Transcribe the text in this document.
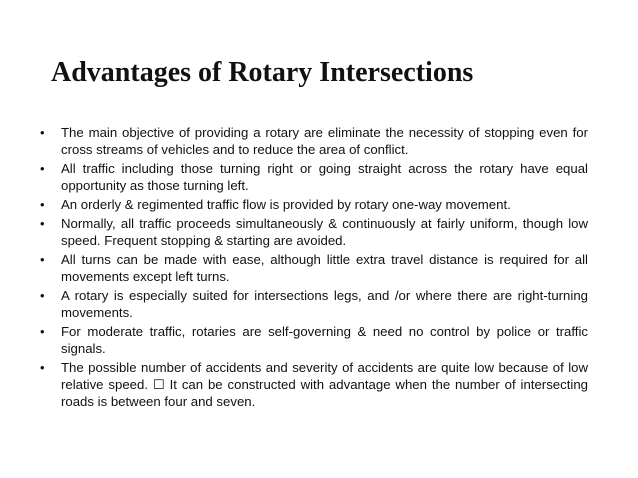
Advantages of Rotary Intersections
• The main objective of providing a rotary are eliminate the necessity of stopping even for cross streams of vehicles and to reduce the area of conflict.
• All traffic including those turning right or going straight across the rotary have equal opportunity as those turning left.
• An orderly & regimented traffic flow is provided by rotary one-way movement.
• Normally, all traffic proceeds simultaneously & continuously at fairly uniform, though low speed. Frequent stopping & starting are avoided.
• All turns can be made with ease, although little extra travel distance is required for all movements except left turns.
• A rotary is especially suited for intersections legs, and /or where there are right-turning movements.
• For moderate traffic, rotaries are self-governing & need no control by police or traffic signals.
• The possible number of accidents and severity of accidents are quite low because of low relative speed. ☐ It can be constructed with advantage when the number of intersecting roads is between four and seven.
